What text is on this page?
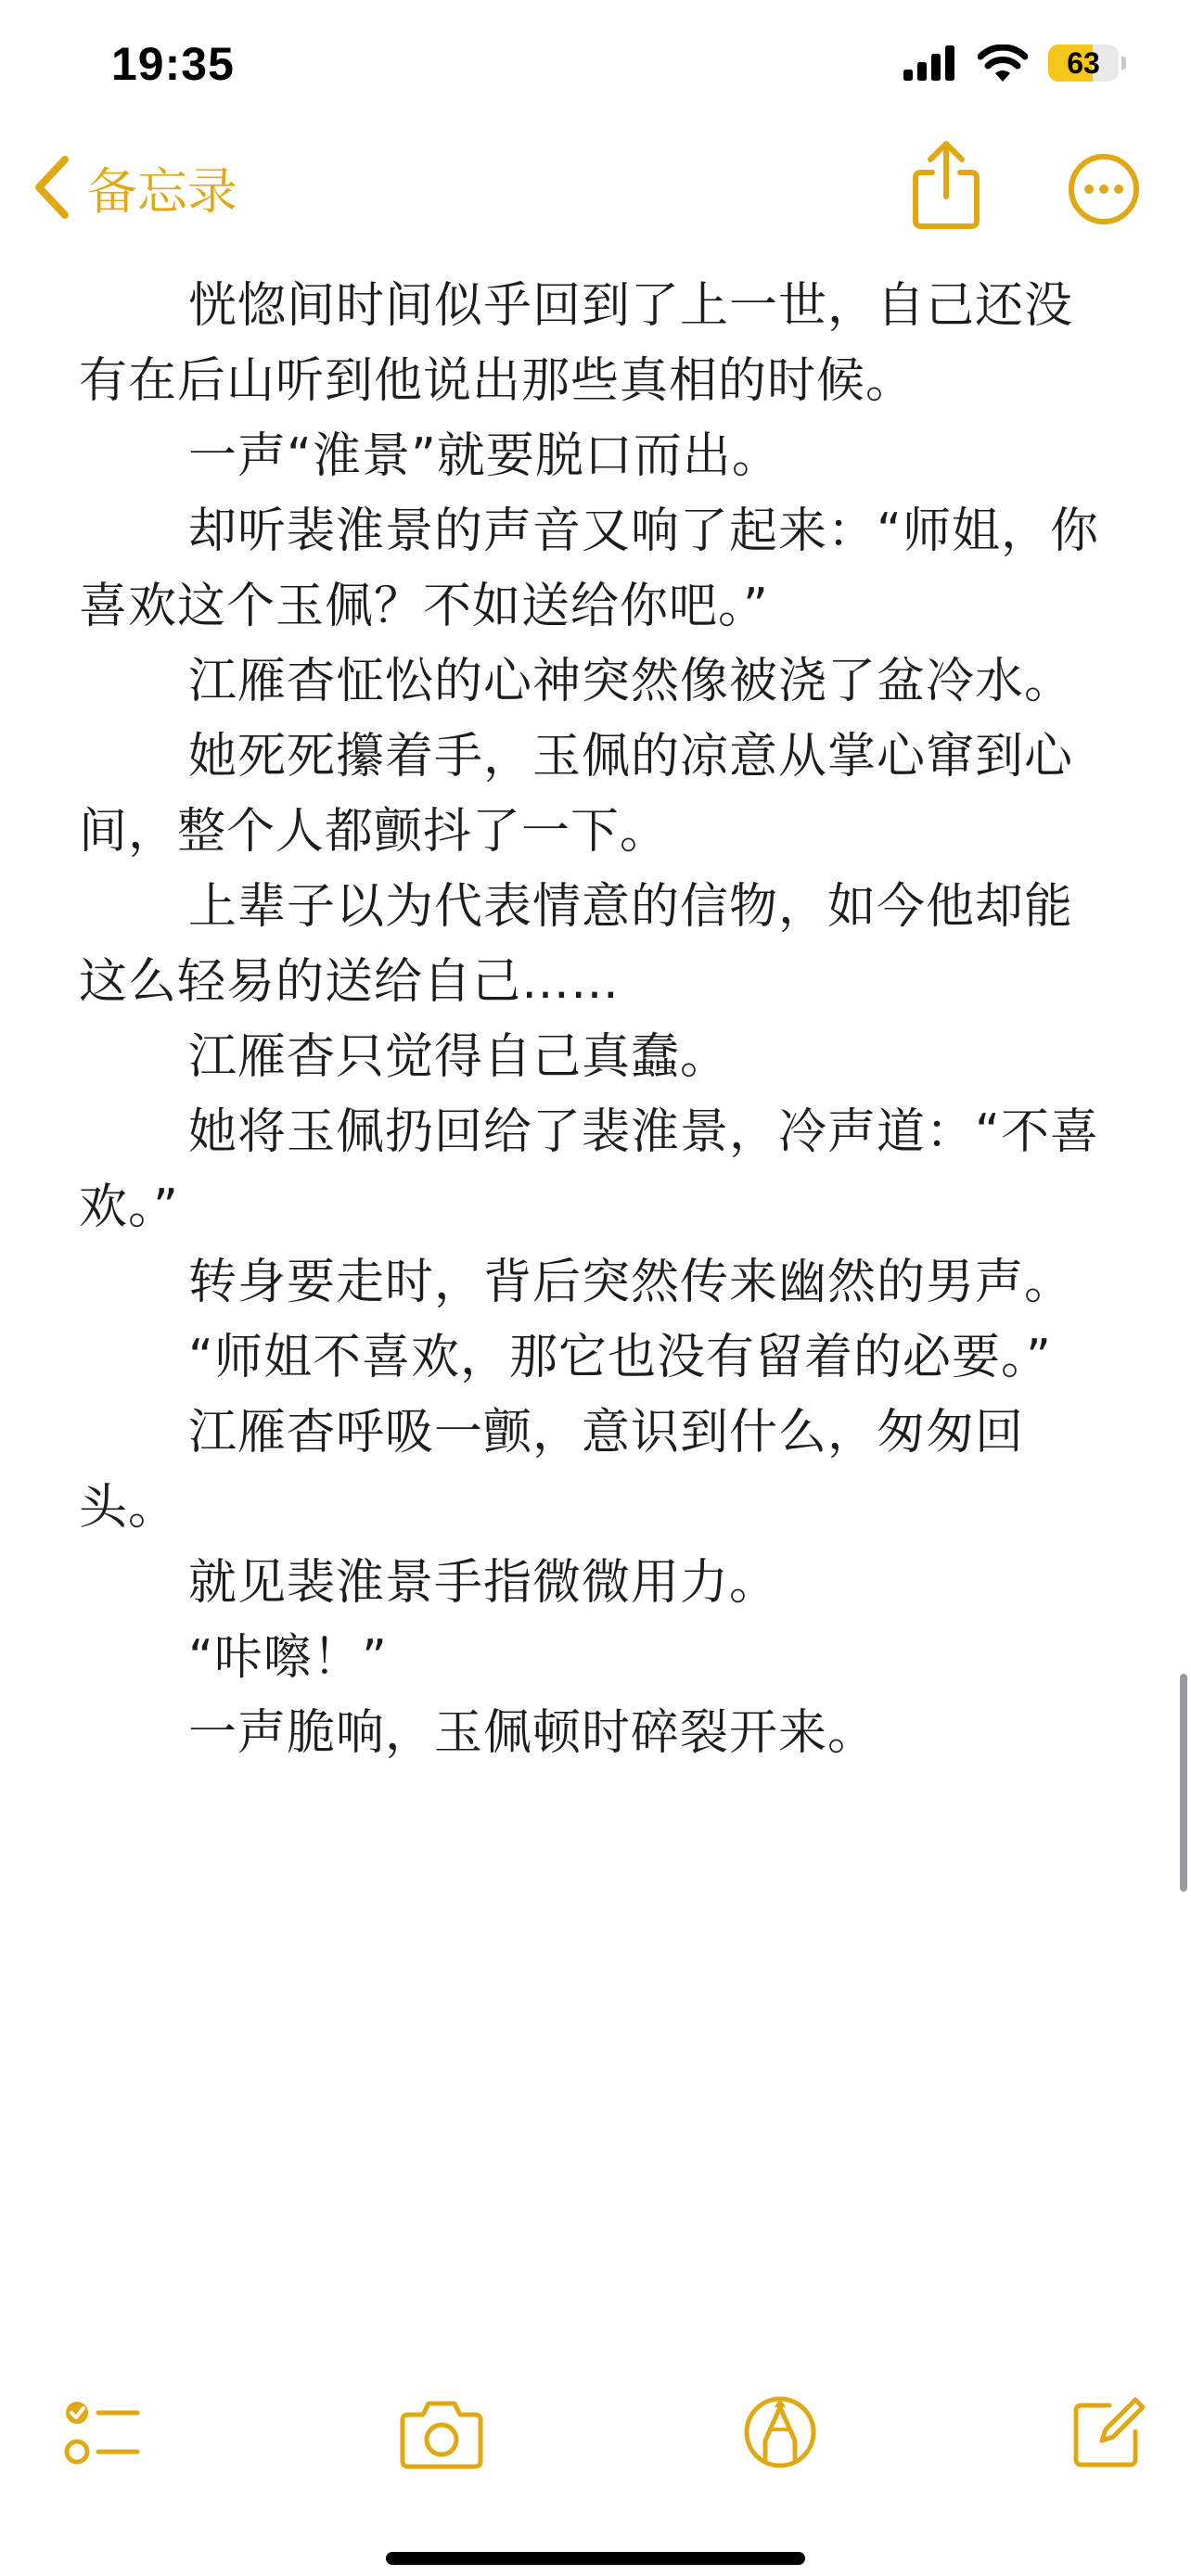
19:35	63
备忘录

恍惚间时间似乎回到了上一世，自己还没有在后山听到他说出那些真相的时候。

一声“淮景”就要脱口而出。

却听裴淮景的声音又响了起来：“师姐，你喜欢这个玉佩？不如送给你吧。”

江雁杳怔忪的心神突然像被浇了盆冷水。

她死死攥着手，玉佩的凉意从掌心窜到心间，整个人都颤抖了一下。

上辈子以为代表情意的信物，如今他却能这么轻易的送给自己……

江雁杳只觉得自己真蠢。

她将玉佩扔回给了裴淮景，冷声道：“不喜欢。”

转身要走时，背后突然传来幽然的男声。

“师姐不喜欢，那它也没有留着的必要。”

江雁杳呼吸一颤，意识到什么，匆匆回头。

就见裴淮景手指微微用力。

“咔嚓！”

一声脆响，玉佩顿时碎裂开来。
